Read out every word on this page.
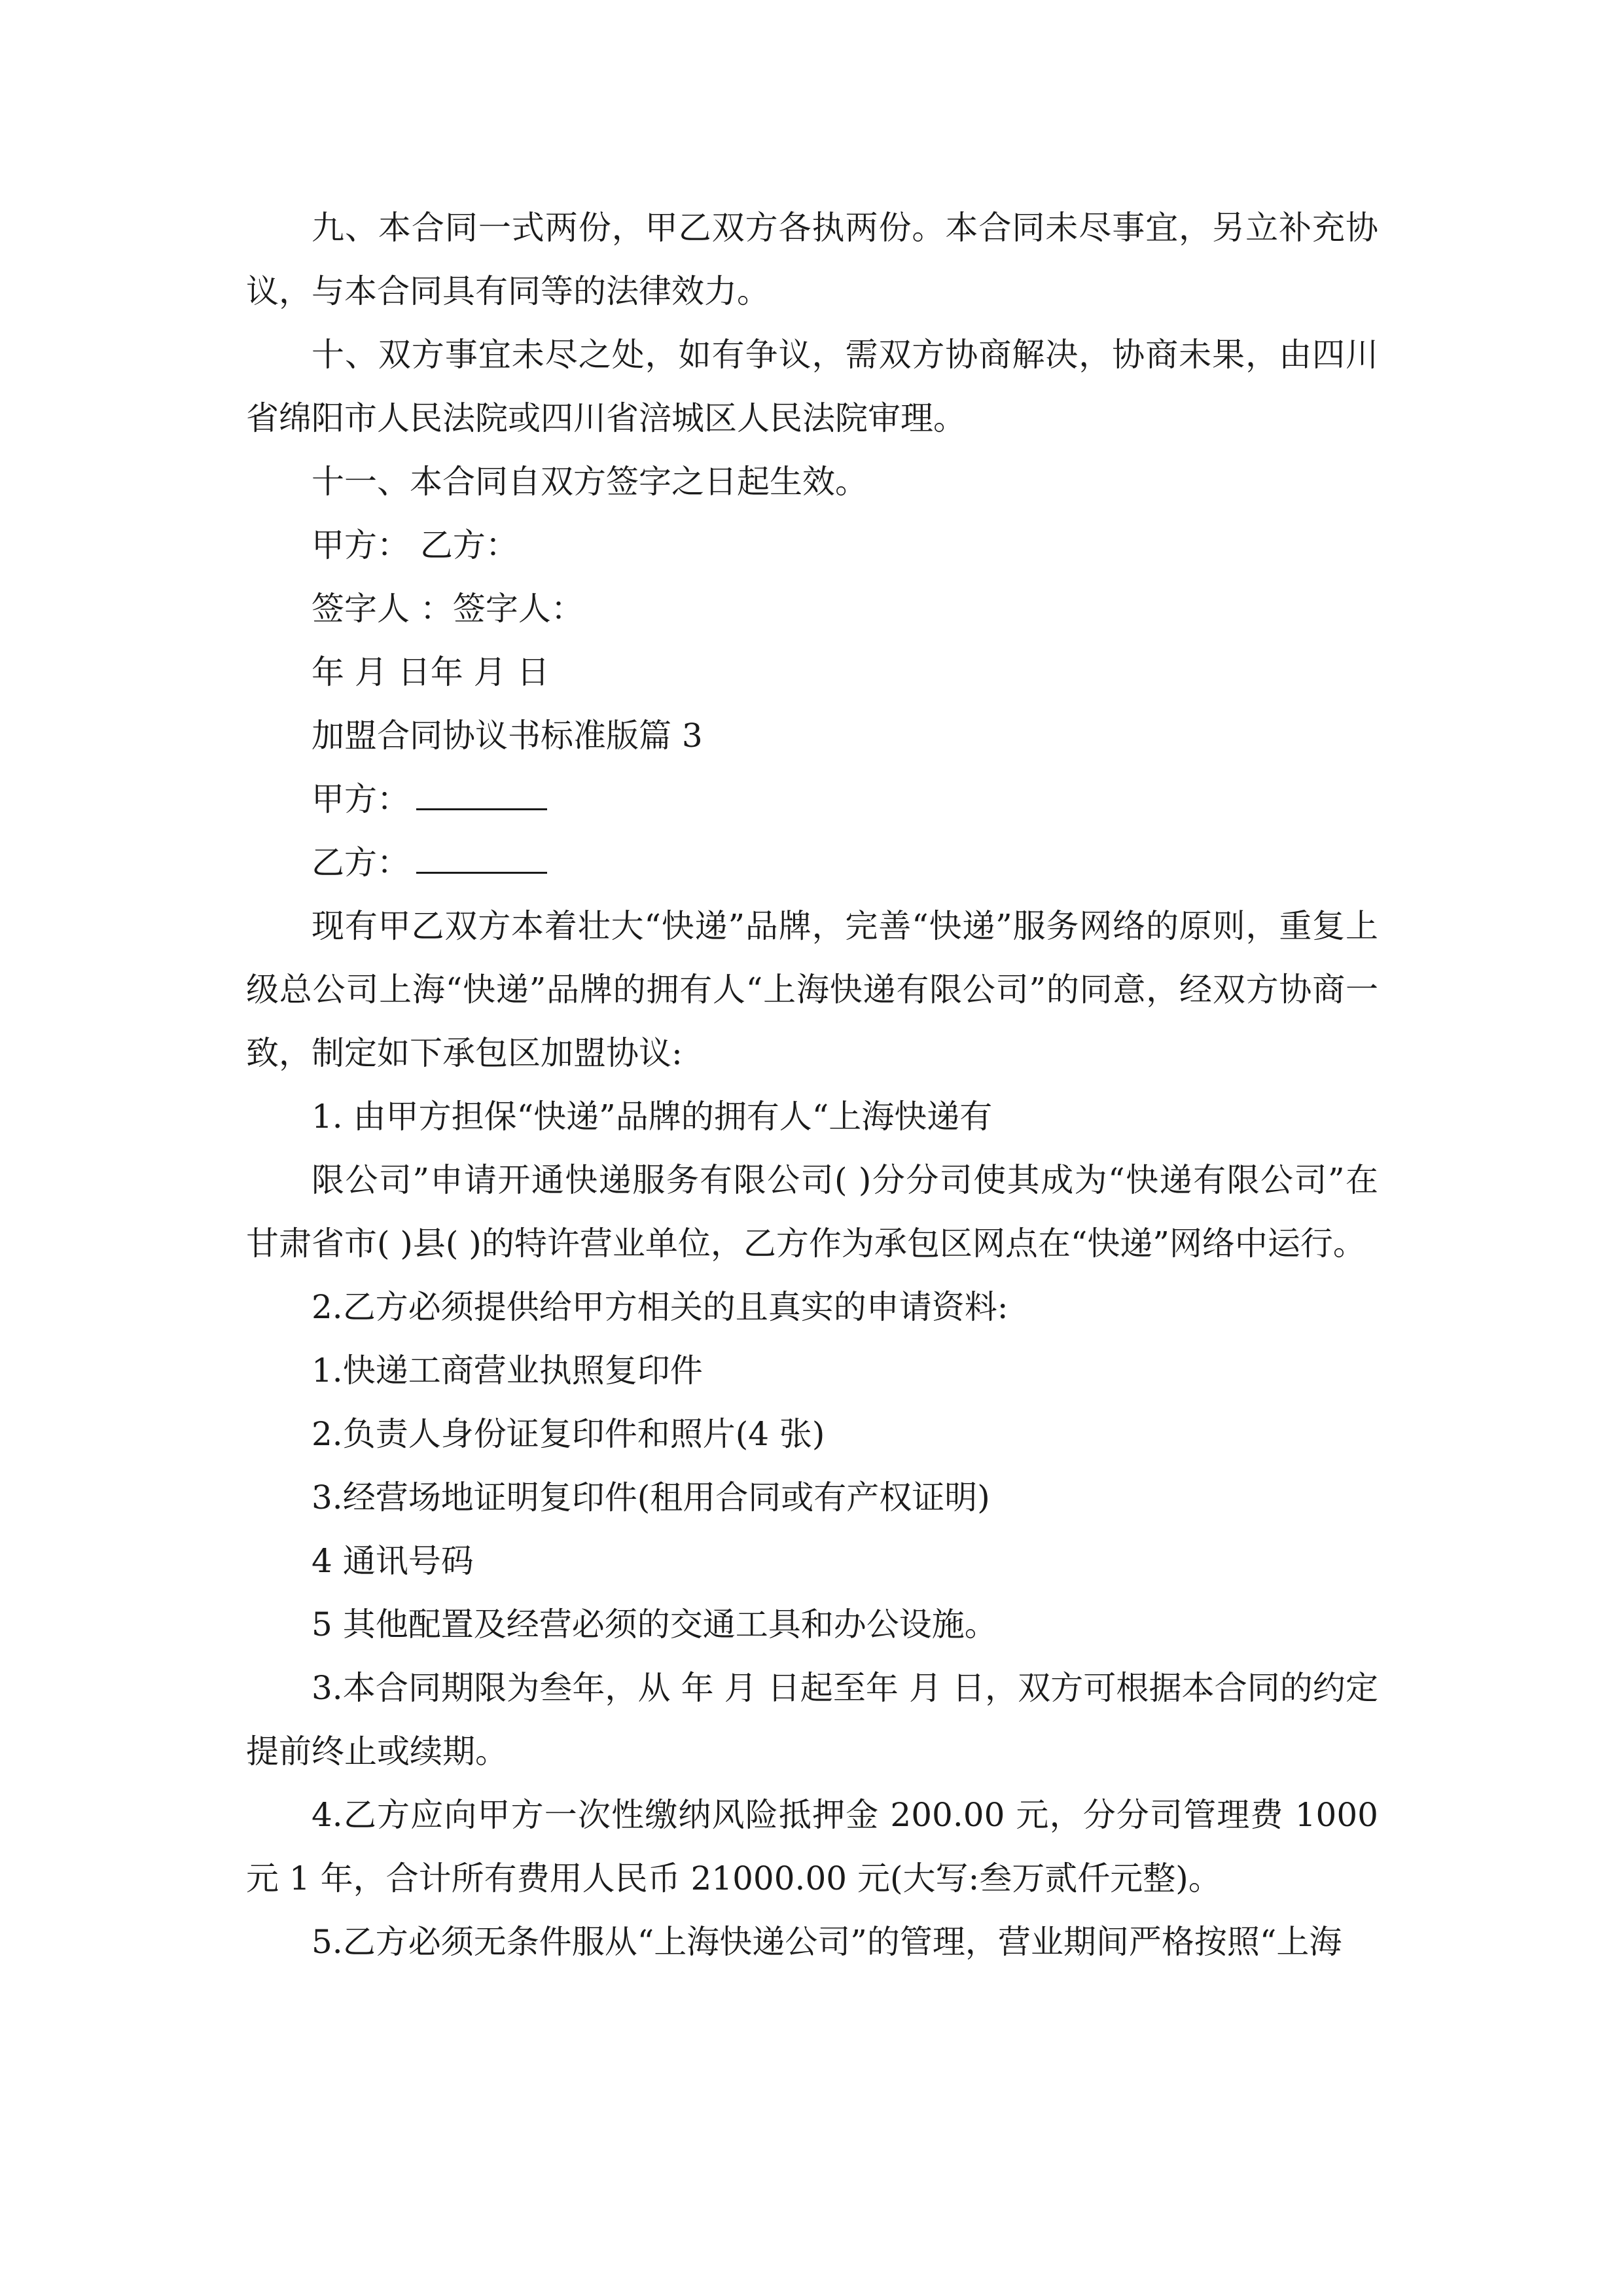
九、本合同一式两份，甲乙双方各执两份。本合同未尽事宜，另立补充协议，与本合同具有同等的法律效力。

十、双方事宜未尽之处，如有争议，需双方协商解决，协商未果，由四川省绵阳市人民法院或四川省涪城区人民法院审理。

十一、本合同自双方签字之日起生效。

甲方： 乙方：

签字人 ：签字人：

年 月 日年 月 日

加盟合同协议书标准版篇 3

甲方：

乙方：

现有甲乙双方本着壮大“快递”品牌，完善“快递”服务网络的原则，重复上级总公司上海“快递”品牌的拥有人“上海快递有限公司”的同意，经双方协商一致，制定如下承包区加盟协议:

1. 由甲方担保“快递”品牌的拥有人“上海快递有

限公司”申请开通快递服务有限公司( )分分司使其成为“快递有限公司”在甘肃省市( )县( )的特许营业单位，乙方作为承包区网点在“快递”网络中运行。

2.乙方必须提供给甲方相关的且真实的申请资料:

1.快递工商营业执照复印件

2.负责人身份证复印件和照片(4 张)

3.经营场地证明复印件(租用合同或有产权证明)

4 通讯号码

5 其他配置及经营必须的交通工具和办公设施。

3.本合同期限为叁年，从 年 月 日起至年 月 日，双方可根据本合同的约定提前终止或续期。

4.乙方应向甲方一次性缴纳风险抵押金 200.00 元，分分司管理费 1000 元 1 年，合计所有费用人民币 21000.00 元(大写:叁万贰仟元整)。

5.乙方必须无条件服从“上海快递公司”的管理，营业期间严格按照“上海
